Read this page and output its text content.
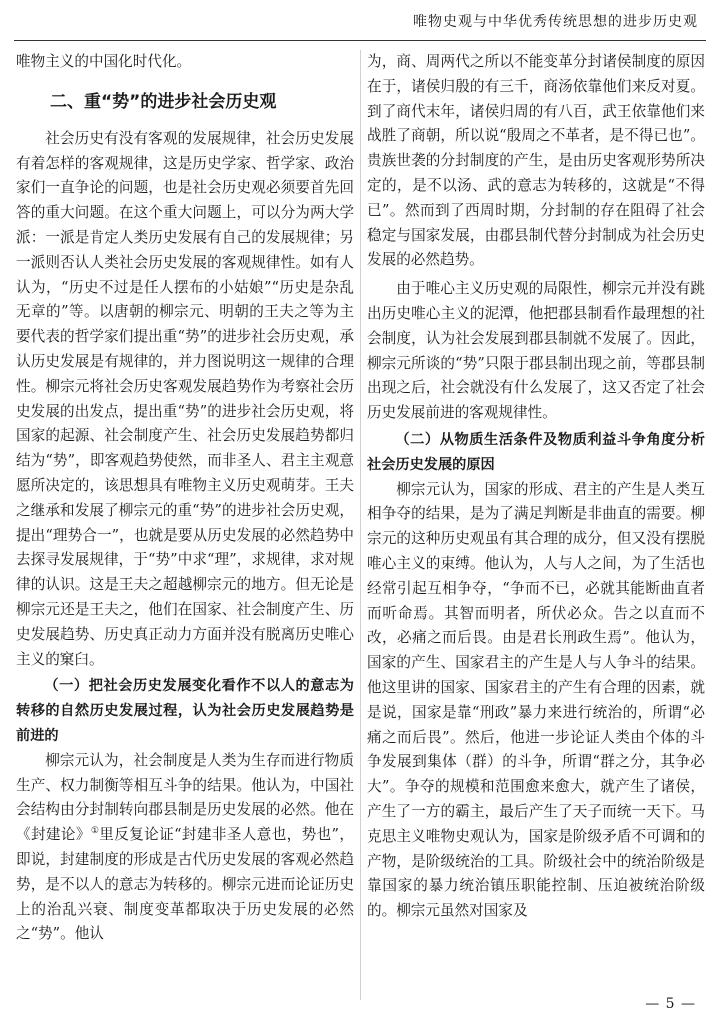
唯物史观与中华优秀传统思想的进步历史观

唯物主义的中国化时代化。

二、重“势”的进步社会历史观

社会历史有没有客观的发展规律，社会历史发展有着怎样的客观规律，这是历史学家、哲学家、政治家们一直争论的问题，也是社会历史观必须要首先回答的重大问题。在这个重大问题上，可以分为两大学派：一派是肯定人类历史发展有自己的发展规律；另一派则否认人类社会历史发展的客观规律性。如有人认为，“历史不过是任人摆布的小姑娘”“历史是杂乱无章的”等。以唐朝的柳宗元、明朝的王夫之等为主要代表的哲学家们提出重“势”的进步社会历史观，承认历史发展是有规律的，并力图说明这一规律的合理性。柳宗元将社会历史客观发展趋势作为考察社会历史发展的出发点，提出重“势”的进步社会历史观，将国家的起源、社会制度产生、社会历史发展趋势都归结为“势”，即客观趋势使然，而非圣人、君主主观意愿所决定的，该思想具有唯物主义历史观萌芽。王夫之继承和发展了柳宗元的重“势”的进步社会历史观，提出“理势合一”，也就是要从历史发展的必然趋势中去探寻发展规律，于“势”中求“理”，求规律，求对规律的认识。这是王夫之超越柳宗元的地方。但无论是柳宗元还是王夫之，他们在国家、社会制度产生、历史发展趋势、历史真正动力方面并没有脱离历史唯心主义的窠臼。

（一）把社会历史发展变化看作不以人的意志为转移的自然历史发展过程，认为社会历史发展趋势是前进的

柳宗元认为，社会制度是人类为生存而进行物质生产、权力制衡等相互斗争的结果。他认为，中国社会结构由分封制转向郡县制是历史发展的必然。他在《封建论》①里反复论证“封建非圣人意也，势也”，即说，封建制度的形成是古代历史发展的客观必然趋势，是不以人的意志为转移的。柳宗元进而论证历史上的治乱兴衰、制度变革都取决于历史发展的必然之“势”。他认

为，商、周两代之所以不能变革分封诸侯制度的原因在于，诸侯归殷的有三千，商汤依靠他们来反对夏。到了商代末年，诸侯归周的有八百，武王依靠他们来战胜了商朝，所以说“殷周之不革者，是不得已也”。贵族世袭的分封制度的产生，是由历史客观形势所决定的，是不以汤、武的意志为转移的，这就是“不得已”。然而到了西周时期，分封制的存在阻碍了社会稳定与国家发展，由郡县制代替分封制成为社会历史发展的必然趋势。

由于唯心主义历史观的局限性，柳宗元并没有跳出历史唯心主义的泥潭，他把郡县制看作最理想的社会制度，认为社会发展到郡县制就不发展了。因此，柳宗元所谈的“势”只限于郡县制出现之前，等郡县制出现之后，社会就没有什么发展了，这又否定了社会历史发展前进的客观规律性。

（二）从物质生活条件及物质利益斗争角度分析社会历史发展的原因

柳宗元认为，国家的形成、君主的产生是人类互相争夺的结果，是为了满足判断是非曲直的需要。柳宗元的这种历史观虽有其合理的成分，但又没有摆脱唯心主义的束缚。他认为，人与人之间，为了生活也经常引起互相争夺，“争而不已，必就其能断曲直者而听命焉。其智而明者，所伏必众。告之以直而不改，必痛之而后畏。由是君长刑政生焉”。他认为，国家的产生、国家君主的产生是人与人争斗的结果。他这里讲的国家、国家君主的产生有合理的因素，就是说，国家是靠“刑政”暴力来进行统治的，所谓“必痛之而后畏”。然后，他进一步论证人类由个体的斗争发展到集体（群）的斗争，所谓“群之分，其争必大”。争夺的规模和范围愈来愈大，就产生了诸侯，产生了一方的霸主，最后产生了天子而统一天下。马克思主义唯物史观认为，国家是阶级矛盾不可调和的产物，是阶级统治的工具。阶级社会中的统治阶级是靠国家的暴力统治镇压职能控制、压迫被统治阶级的。柳宗元虽然对国家及

— 5 —
